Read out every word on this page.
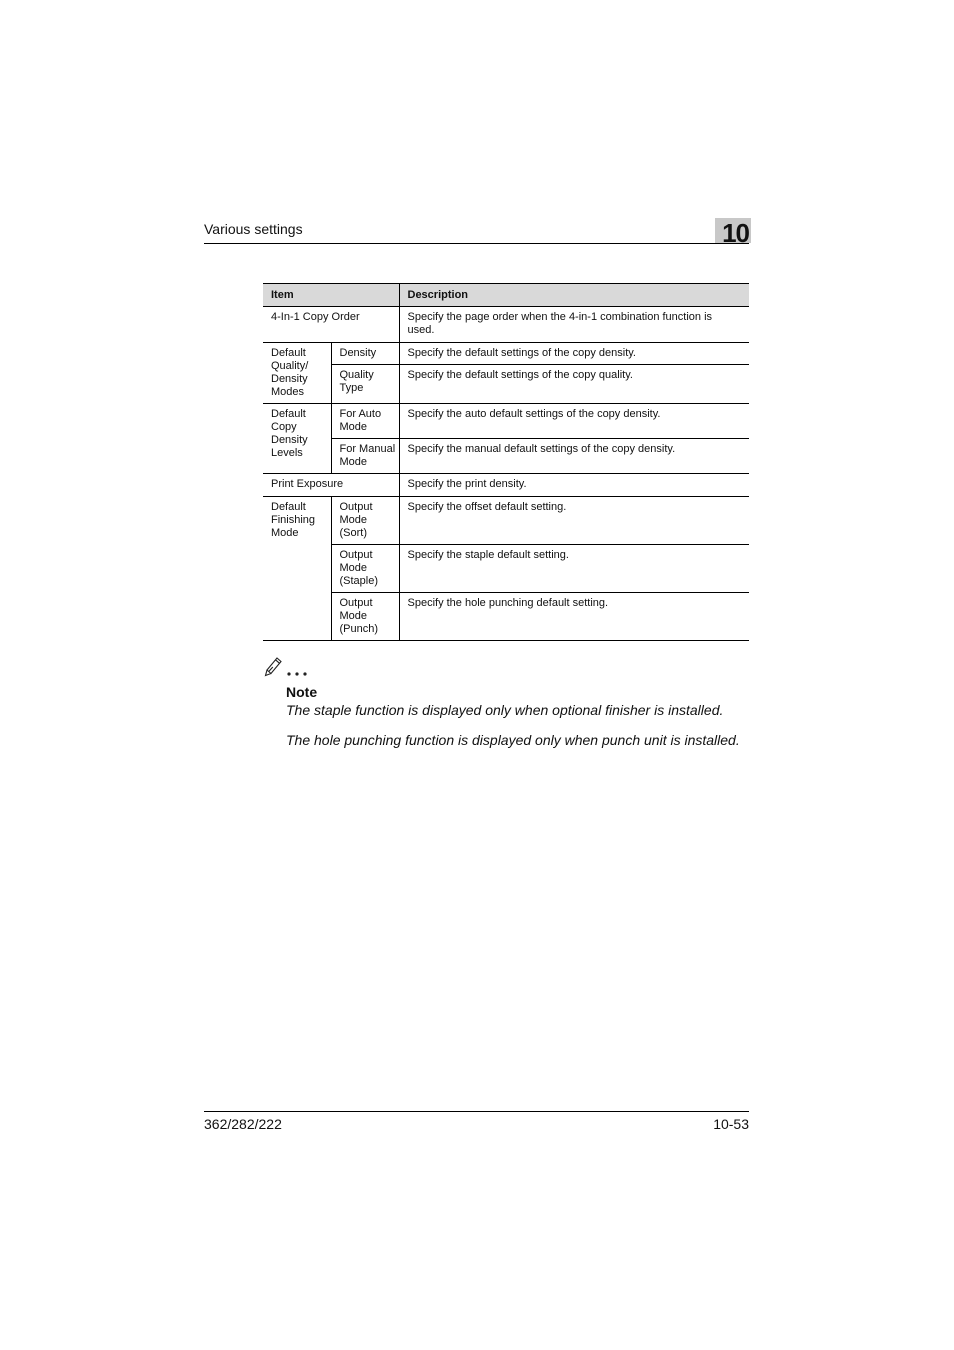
Various settings	10
Item		Description
4-In-1 Copy Order		Specify the page order when the 4-in-1 combination function is used.
Default Quality/ Density Modes	Density	Specify the default settings of the copy density.
	Quality Type	Specify the default settings of the copy quality.
Default Copy Density Levels	For Auto Mode	Specify the auto default settings of the copy density.
	For Manual Mode	Specify the manual default settings of the copy density.
Print Exposure		Specify the print density.
Default Finishing Mode	Output Mode (Sort)	Specify the offset default setting.
	Output Mode (Staple)	Specify the staple default setting.
	Output Mode (Punch)	Specify the hole punching default setting.
Note
The staple function is displayed only when optional finisher is installed.
The hole punching function is displayed only when punch unit is installed.
362/282/222	10-53
